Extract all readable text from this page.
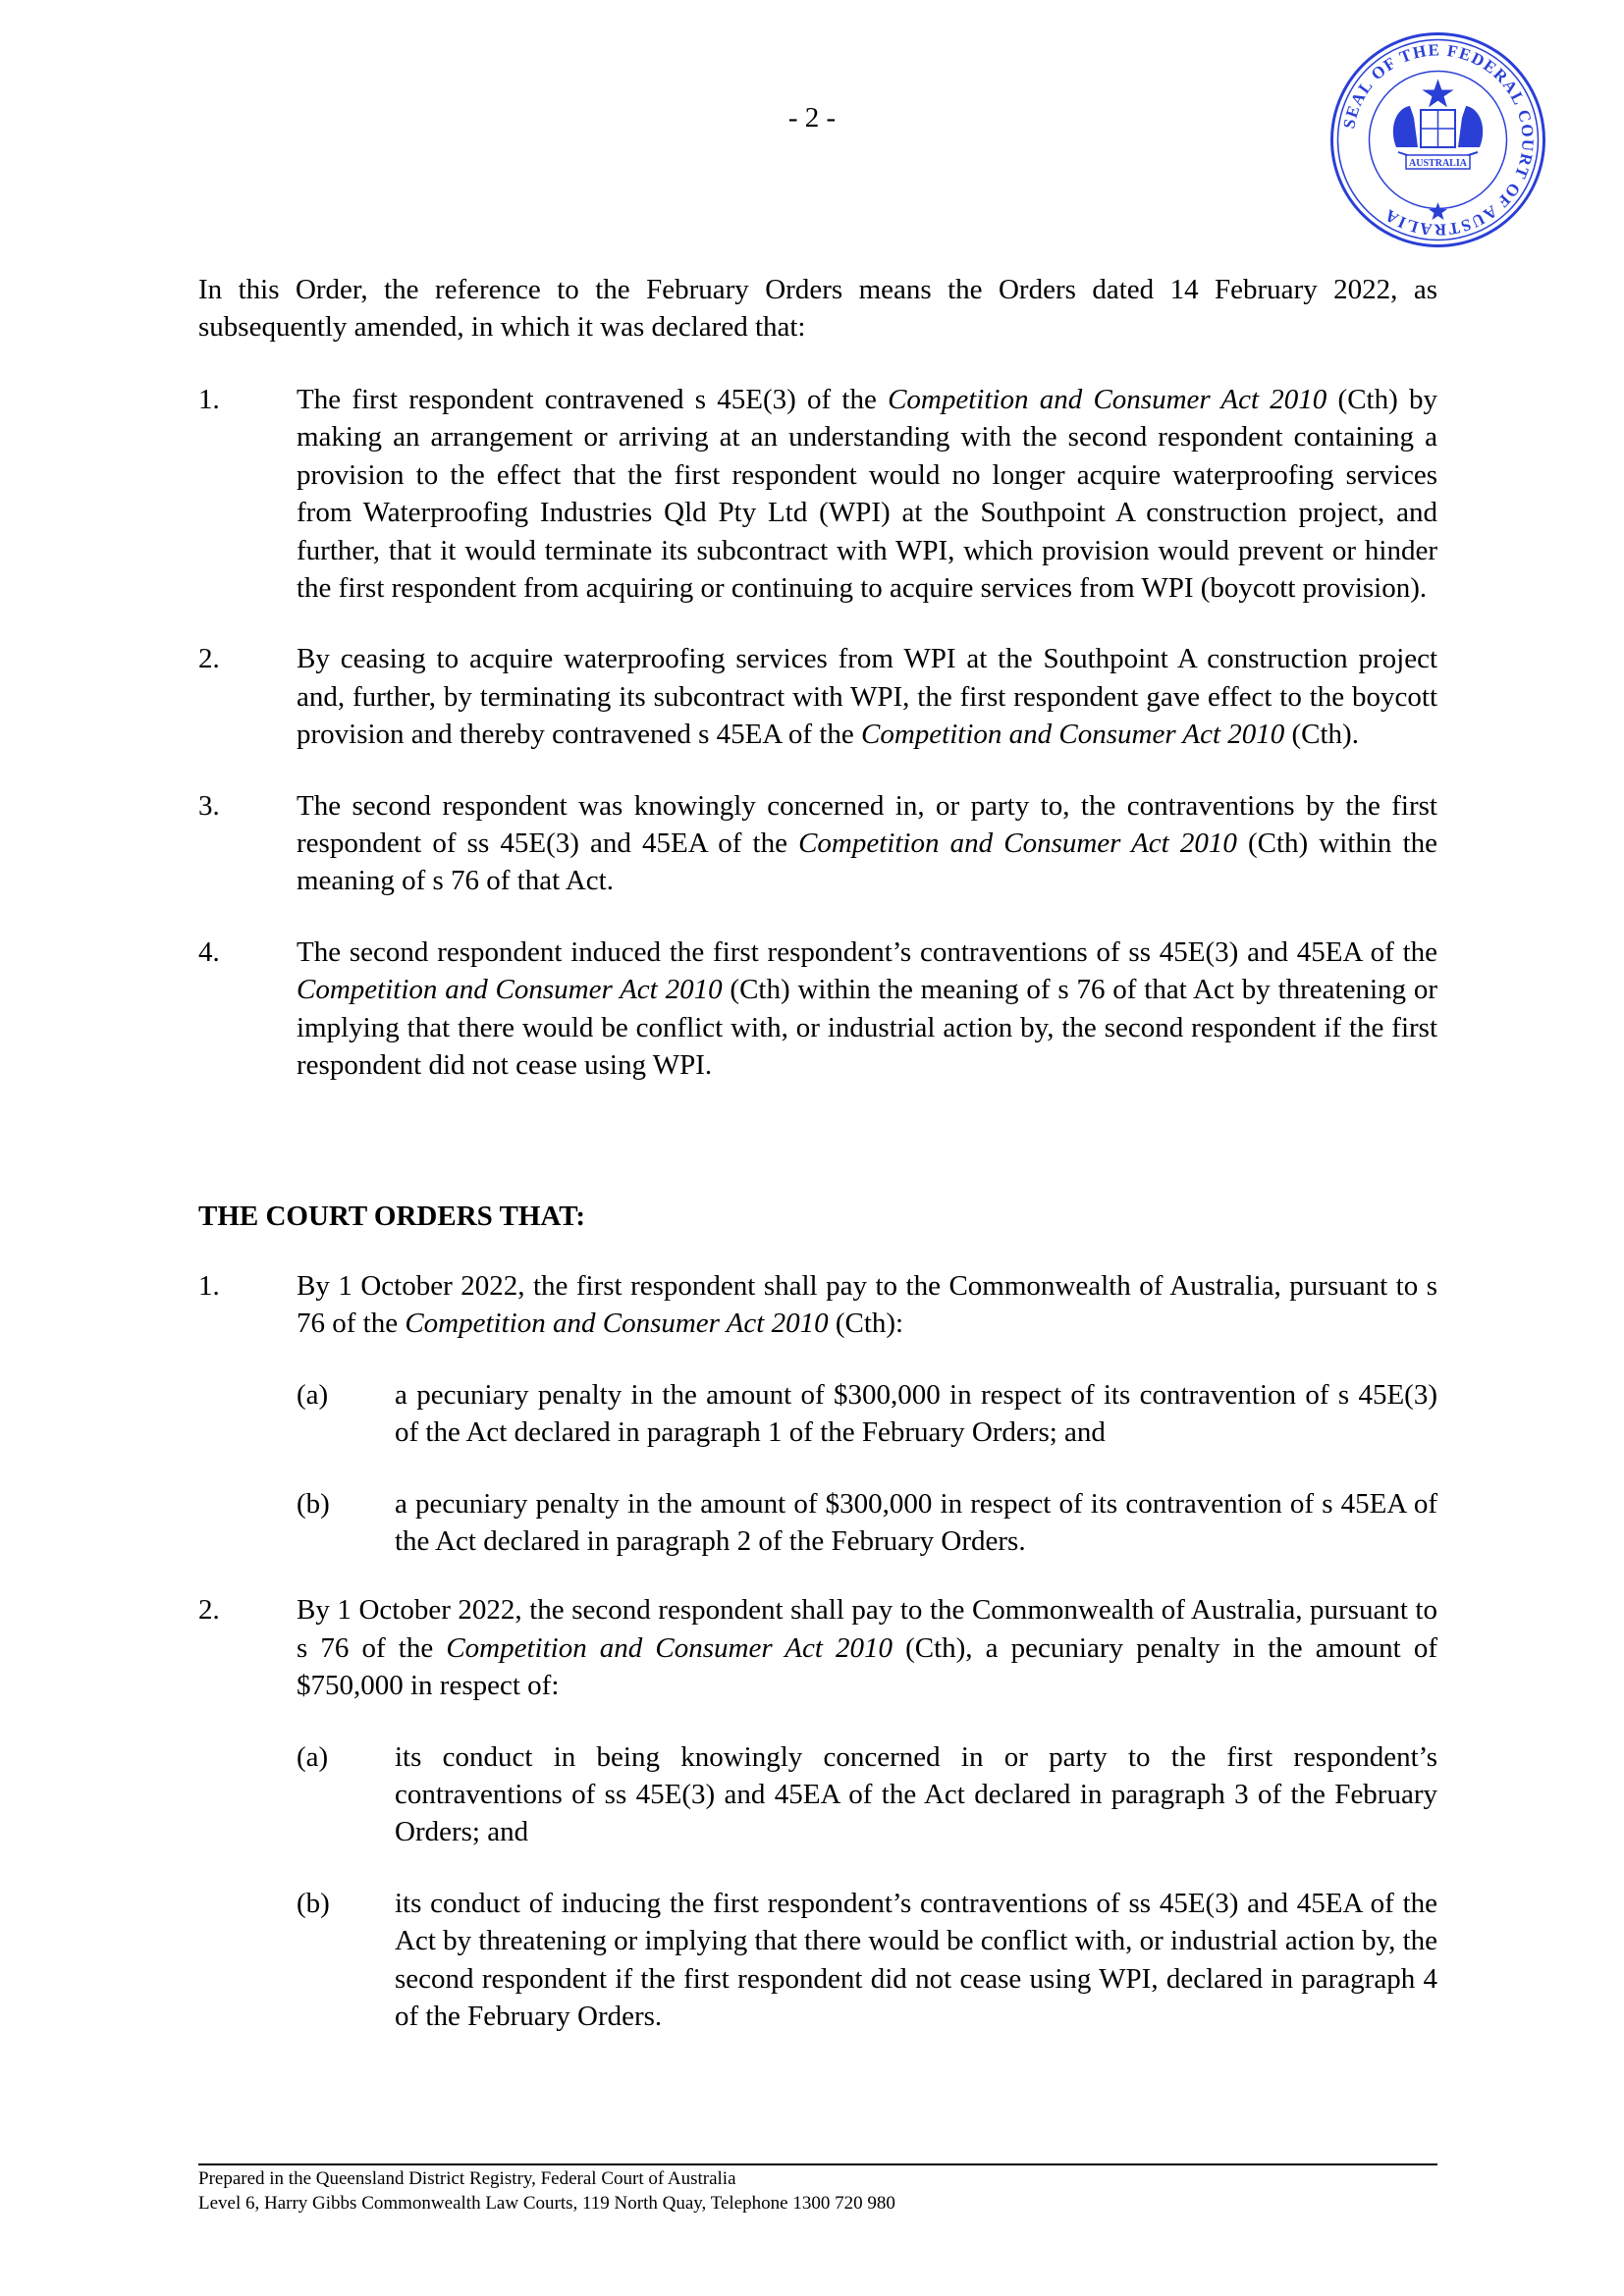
- 2 -	SEAL OF THE FEDERAL COURT OF AUSTRALIA
AUSTRALIA
In this Order, the reference to the February Orders means the Orders dated 14 February 2022, as subsequently amended, in which it was declared that:
1.	The first respondent contravened s 45E(3) of the Competition and Consumer Act 2010 (Cth) by making an arrangement or arriving at an understanding with the second respondent containing a provision to the effect that the first respondent would no longer acquire waterproofing services from Waterproofing Industries Qld Pty Ltd (WPI) at the Southpoint A construction project, and further, that it would terminate its subcontract with WPI, which provision would prevent or hinder the first respondent from acquiring or continuing to acquire services from WPI (boycott provision).
2.	By ceasing to acquire waterproofing services from WPI at the Southpoint A construction project and, further, by terminating its subcontract with WPI, the first respondent gave effect to the boycott provision and thereby contravened s 45EA of the Competition and Consumer Act 2010 (Cth).
3.	The second respondent was knowingly concerned in, or party to, the contraventions by the first respondent of ss 45E(3) and 45EA of the Competition and Consumer Act 2010 (Cth) within the meaning of s 76 of that Act.
4.	The second respondent induced the first respondent’s contraventions of ss 45E(3) and 45EA of the Competition and Consumer Act 2010 (Cth) within the meaning of s 76 of that Act by threatening or implying that there would be conflict with, or industrial action by, the second respondent if the first respondent did not cease using WPI.
THE COURT ORDERS THAT:
1.	By 1 October 2022, the first respondent shall pay to the Commonwealth of Australia, pursuant to s 76 of the Competition and Consumer Act 2010 (Cth):
(a) a pecuniary penalty in the amount of $300,000 in respect of its contravention of s 45E(3) of the Act declared in paragraph 1 of the February Orders; and
(b) a pecuniary penalty in the amount of $300,000 in respect of its contravention of s 45EA of the Act declared in paragraph 2 of the February Orders.
2.	By 1 October 2022, the second respondent shall pay to the Commonwealth of Australia, pursuant to s 76 of the Competition and Consumer Act 2010 (Cth), a pecuniary penalty in the amount of $750,000 in respect of:
(a) its conduct in being knowingly concerned in or party to the first respondent’s contraventions of ss 45E(3) and 45EA of the Act declared in paragraph 3 of the February Orders; and
(b) its conduct of inducing the first respondent’s contraventions of ss 45E(3) and 45EA of the Act by threatening or implying that there would be conflict with, or industrial action by, the second respondent if the first respondent did not cease using WPI, declared in paragraph 4 of the February Orders.
Prepared in the Queensland District Registry, Federal Court of Australia
Level 6, Harry Gibbs Commonwealth Law Courts, 119 North Quay, Telephone 1300 720 980
